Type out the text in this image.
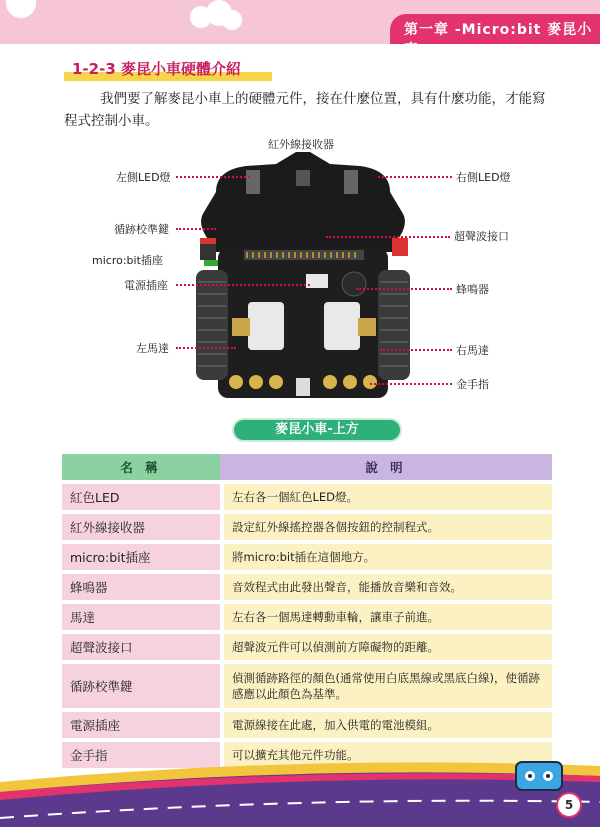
第一章 -Micro:bit 麥昆小車
1-2-3 麥昆小車硬體介紹
我們要了解麥昆小車上的硬體元件，接在什麼位置，具有什麼功能，才能寫程式控制小車。
紅外線接收器
左側LED燈	右側LED燈
循跡校準鍵
超聲波接口
micro:bit插座
電源插座	蜂鳴器
左馬達	右馬達
金手指
麥昆小車-上方
名 稱	說 明
紅色LED	左右各一個紅色LED燈。
紅外線接收器	設定紅外線搖控器各個按鈕的控制程式。
micro:bit插座	將micro:bit插在這個地方。
蜂鳴器	音效程式由此發出聲音，能播放音樂和音效。
馬達	左右各一個馬達轉動車輪，讓車子前進。
超聲波接口	超聲波元件可以偵測前方障礙物的距離。
循跡校準鍵	偵測循跡路徑的顏色(通常使用白底黑線或黑底白線)，使循跡感應以此顏色為基準。
電源插座	電源線接在此處，加入供電的電池模組。
金手指	可以擴充其他元件功能。
5
